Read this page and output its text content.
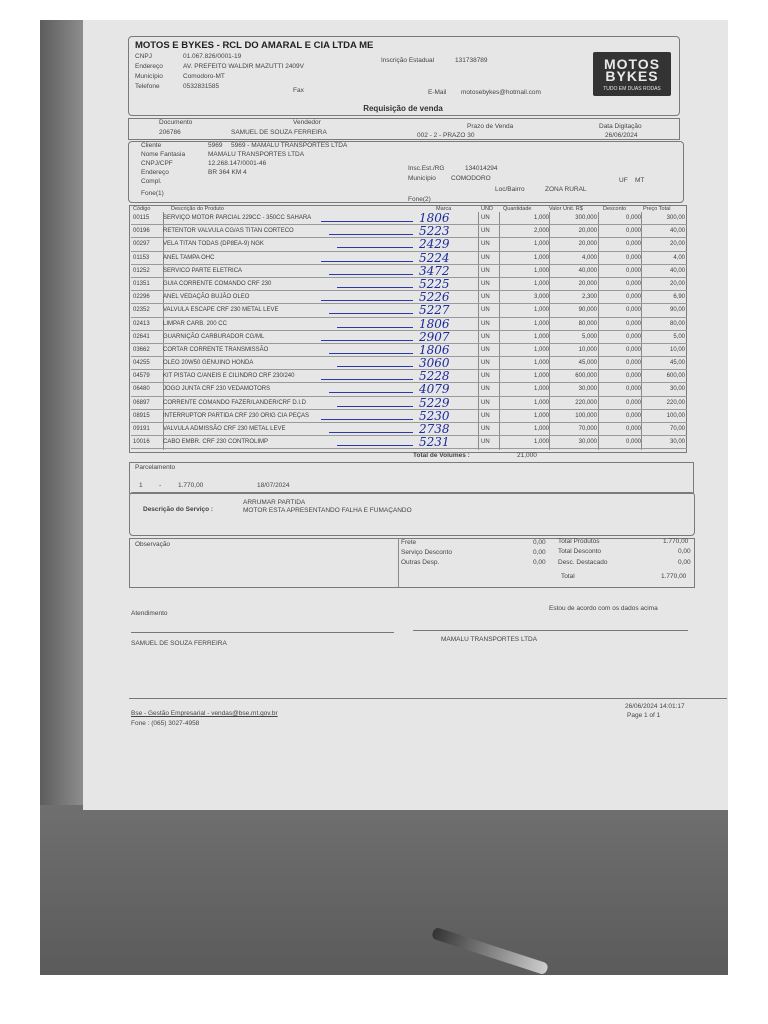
MOTOS E BYKES - RCL DO AMARAL E CIA LTDA ME
CNPJ	01.067.826/0001-19
Inscrição Estadual	131738789
Endereço	AV. PREFEITO WALDIR MAZUTTI 2409V
Município	Comodoro-MT
Telefone	0532831585
Fax	E-Mail motosebykes@hotmail.com
MOTOS
BYKES
TUDO EM DUAS RODAS
Requisição de venda
Documento
206786
Vendedor
SAMUEL DE SOUZA FERREIRA
Prazo de Venda
002 - 2 - PRAZO 30
Data Digitação
26/06/2024
Cliente	5969 5969 - MAMALU TRANSPORTES LTDA
Nome Fantasia	MAMALU TRANSPORTES LTDA
CNPJ/CPF	12.268.147/0001-46
Endereço	BR 364 KM 4
Compl.
Fone(1)
Insc.Est./RG	134014294
Município COMODORO	UF MT
Loc/Bairro	ZONA RURAL
Fone(2)
Código	Descrição do Produto	Marca	UND Quantidade	Valor Unit. R$	Desconto	Preço Total
00115	SERVIÇO MOTOR PARCIAL 229CC - 350CC SAHARA	1806	UN	1,000	300,000	0,000	300,00
00196	RETENTOR VALVULA CG/AS TITAN CORTECO	5223	UN	2,000	20,000	0,000	40,00
00297	VELA TITAN TODAS (DP8EA-9) NGK	2429	UN	1,000	20,000	0,000	20,00
01153	ANEL TAMPA OHC	5224	UN	1,000	4,000	0,000	4,00
01252	SERVICO PARTE ELETRICA	3472	UN	1,000	40,000	0,000	40,00
01351	GUIA CORRENTE COMANDO CRF 230	5225	UN	1,000	20,000	0,000	20,00
02296	ANEL VEDAÇÃO BUJÃO OLEO	5226	UN	3,000	2,300	0,000	6,90
02352	VALVULA ESCAPE CRF 230 METAL LEVE	5227	UN	1,000	90,000	0,000	90,00
02413	LIMPAR CARB. 200 CC	1806	UN	1,000	80,000	0,000	80,00
02641	GUARNIÇÃO CARBURADOR CG/ML	2907	UN	1,000	5,000	0,000	5,00
03662	CORTAR CORRENTE TRANSMISSÃO	1806	UN	1,000	10,000	0,000	10,00
04255	OLEO 20W50 GENUINO HONDA	3060	UN	1,000	45,000	0,000	45,00
04579	KIT PISTAO C/ANEIS E CILINDRO CRF 230/240	5228	UN	1,000	600,000	0,000	600,00
06480	JOGO JUNTA CRF 230 VEDAMOTORS	4079	UN	1,000	30,000	0,000	30,00
06897	CORRENTE COMANDO FAZER/LANDER/CRF D.I.D	5229	UN	1,000	220,000	0,000	220,00
08915	INTERRUPTOR PARTIDA CRF 230 ORIG CIA PEÇAS	5230	UN	1,000	100,000	0,000	100,00
09191	VALVULA ADMISSÃO CRF 230 METAL LEVE	2738	UN	1,000	70,000	0,000	70,00
10016	CABO EMBR. CRF 230 CONTROLIMP	5231	UN	1,000	30,000	0,000	30,00
Total de Volumes :	21,000
Parcelamento
1	-	1.770,00	18/07/2024
Descrição do Serviço :
ARRUMAR PARTIDA
MOTOR ESTA APRESENTANDO FALHA E FUMAÇANDO
Observação	Frete	0,00
Serviço Desconto	0,00
Outras Desp.	0,00
Total Produtos	1.770,00
Total Desconto	0,00
Desc. Destacado	0,00
Total	1.770,00
Estou de acordo com os dados acima
Atendimento
SAMUEL DE SOUZA FERREIRA
MAMALU TRANSPORTES LTDA
Bse - Gestão Empresarial - vendas@bse.mt.gov.br
Fone : (065) 3027-4958
26/06/2024 14:01:17
Page 1 of 1
